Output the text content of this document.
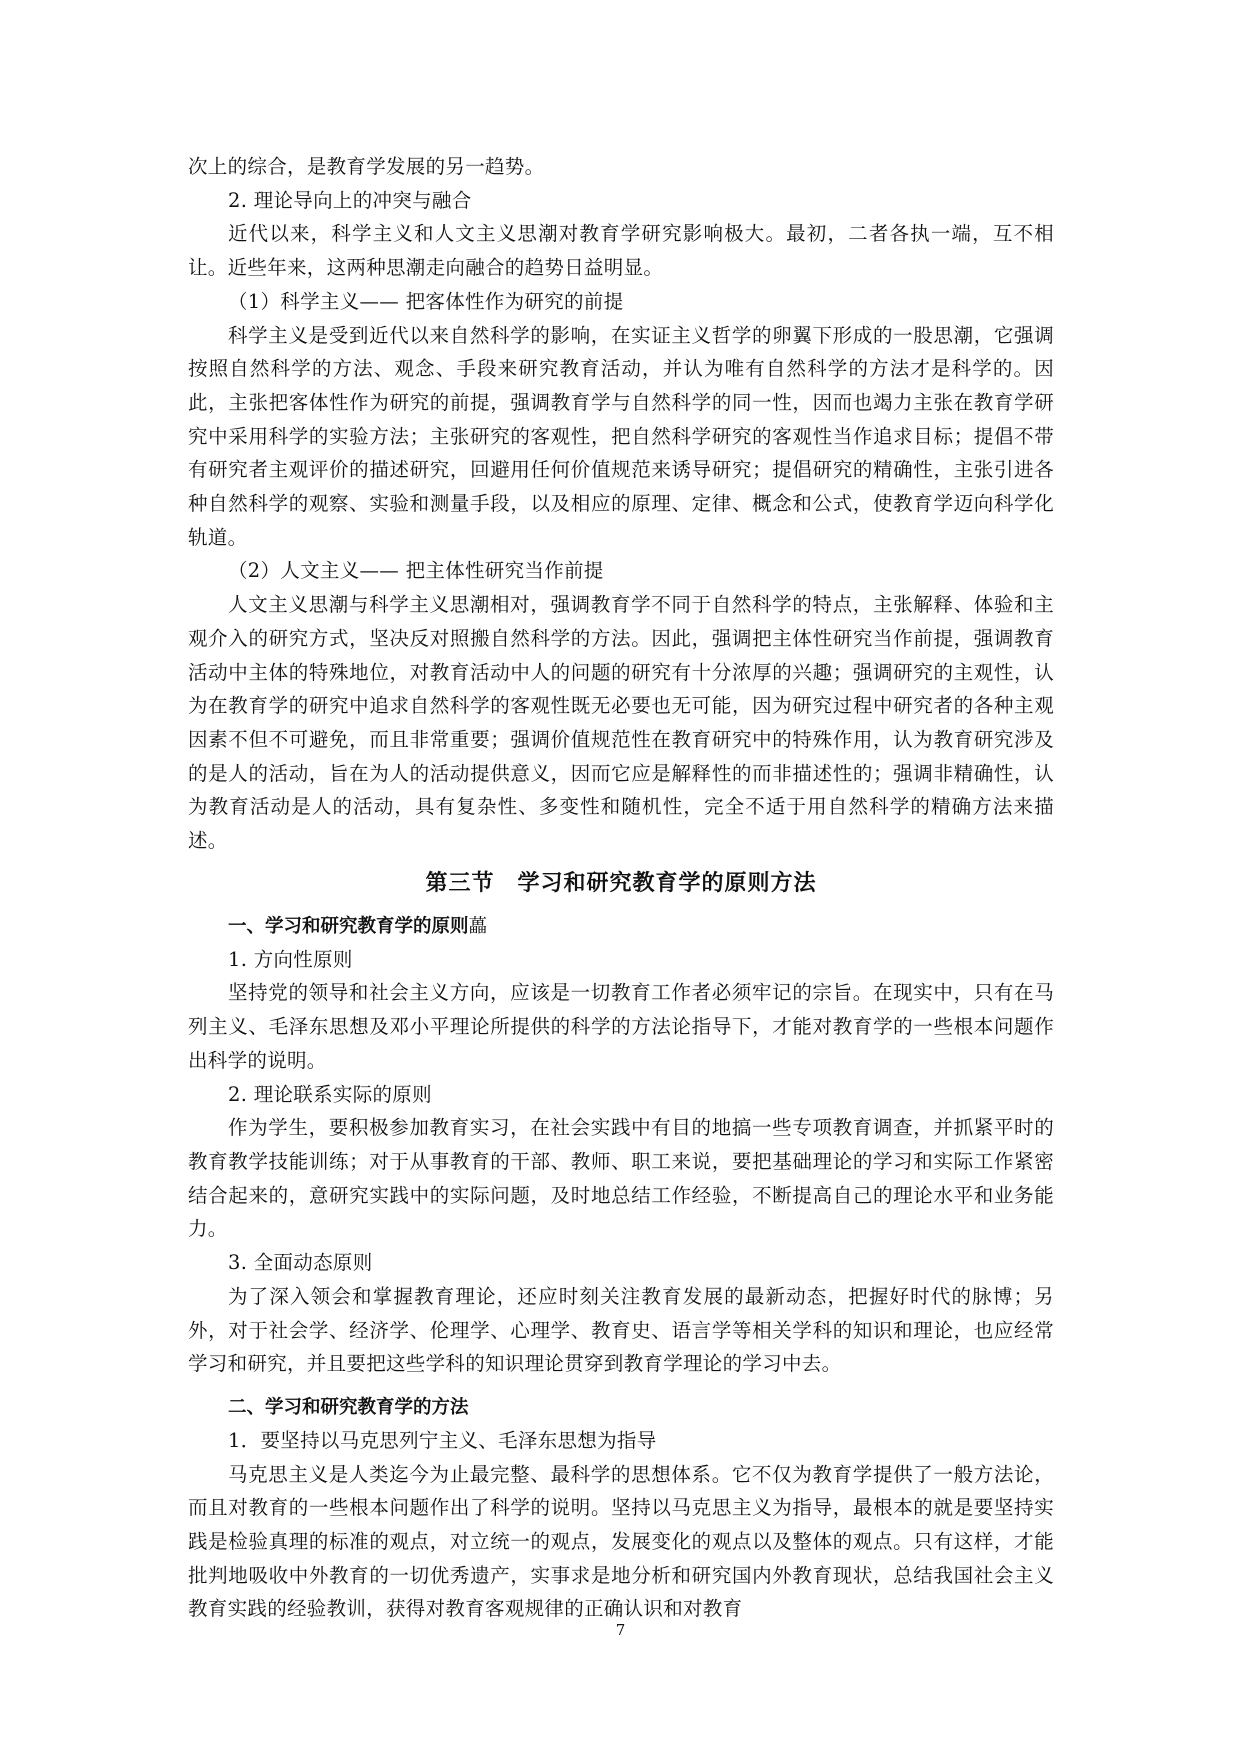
次上的综合，是教育学发展的另一趋势。

2. 理论导向上的冲突与融合

近代以来，科学主义和人文主义思潮对教育学研究影响极大。最初，二者各执一端，互不相让。近些年来，这两种思潮走向融合的趋势日益明显。

（1）科学主义—— 把客体性作为研究的前提

科学主义是受到近代以来自然科学的影响，在实证主义哲学的卵翼下形成的一股思潮，它强调按照自然科学的方法、观念、手段来研究教育活动，并认为唯有自然科学的方法才是科学的。因此，主张把客体性作为研究的前提，强调教育学与自然科学的同一性，因而也竭力主张在教育学研究中采用科学的实验方法；主张研究的客观性，把自然科学研究的客观性当作追求目标；提倡不带有研究者主观评价的描述研究，回避用任何价值规范来诱导研究；提倡研究的精确性，主张引进各种自然科学的观察、实验和测量手段，以及相应的原理、定律、概念和公式，使教育学迈向科学化轨道。

（2）人文主义—— 把主体性研究当作前提

人文主义思潮与科学主义思潮相对，强调教育学不同于自然科学的特点，主张解释、体验和主观介入的研究方式，坚决反对照搬自然科学的方法。因此，强调把主体性研究当作前提，强调教育活动中主体的特殊地位，对教育活动中人的问题的研究有十分浓厚的兴趣；强调研究的主观性，认为在教育学的研究中追求自然科学的客观性既无必要也无可能，因为研究过程中研究者的各种主观因素不但不可避免，而且非常重要；强调价值规范性在教育研究中的特殊作用，认为教育研究涉及的是人的活动，旨在为人的活动提供意义，因而它应是解释性的而非描述性的；强调非精确性，认为教育活动是人的活动，具有复杂性、多变性和随机性，完全不适于用自然科学的精确方法来描述。

第三节　学习和研究教育学的原则方法
一、学习和研究教育学的原则藟

1. 方向性原则

坚持党的领导和社会主义方向，应该是一切教育工作者必须牢记的宗旨。在现实中，只有在马列主义、毛泽东思想及邓小平理论所提供的科学的方法论指导下，才能对教育学的一些根本问题作出科学的说明。

2. 理论联系实际的原则

作为学生，要积极参加教育实习，在社会实践中有目的地搞一些专项教育调查，并抓紧平时的教育教学技能训练；对于从事教育的干部、教师、职工来说，要把基础理论的学习和实际工作紧密结合起来的，意研究实践中的实际问题，及时地总结工作经验，不断提高自己的理论水平和业务能力。

3. 全面动态原则

为了深入领会和掌握教育理论，还应时刻关注教育发展的最新动态，把握好时代的脉博；另外，对于社会学、经济学、伦理学、心理学、教育史、语言学等相关学科的知识和理论，也应经常学习和研究，并且要把这些学科的知识理论贯穿到教育学理论的学习中去。

二、学习和研究教育学的方法

1．要坚持以马克思列宁主义、毛泽东思想为指导

马克思主义是人类迄今为止最完整、最科学的思想体系。它不仅为教育学提供了一般方法论，而且对教育的一些根本问题作出了科学的说明。坚持以马克思主义为指导，最根本的就是要坚持实践是检验真理的标准的观点，对立统一的观点，发展变化的观点以及整体的观点。只有这样，才能批判地吸收中外教育的一切优秀遗产，实事求是地分析和研究国内外教育现状，总结我国社会主义教育实践的经验教训，获得对教育客观规律的正确认识和对教育

7
